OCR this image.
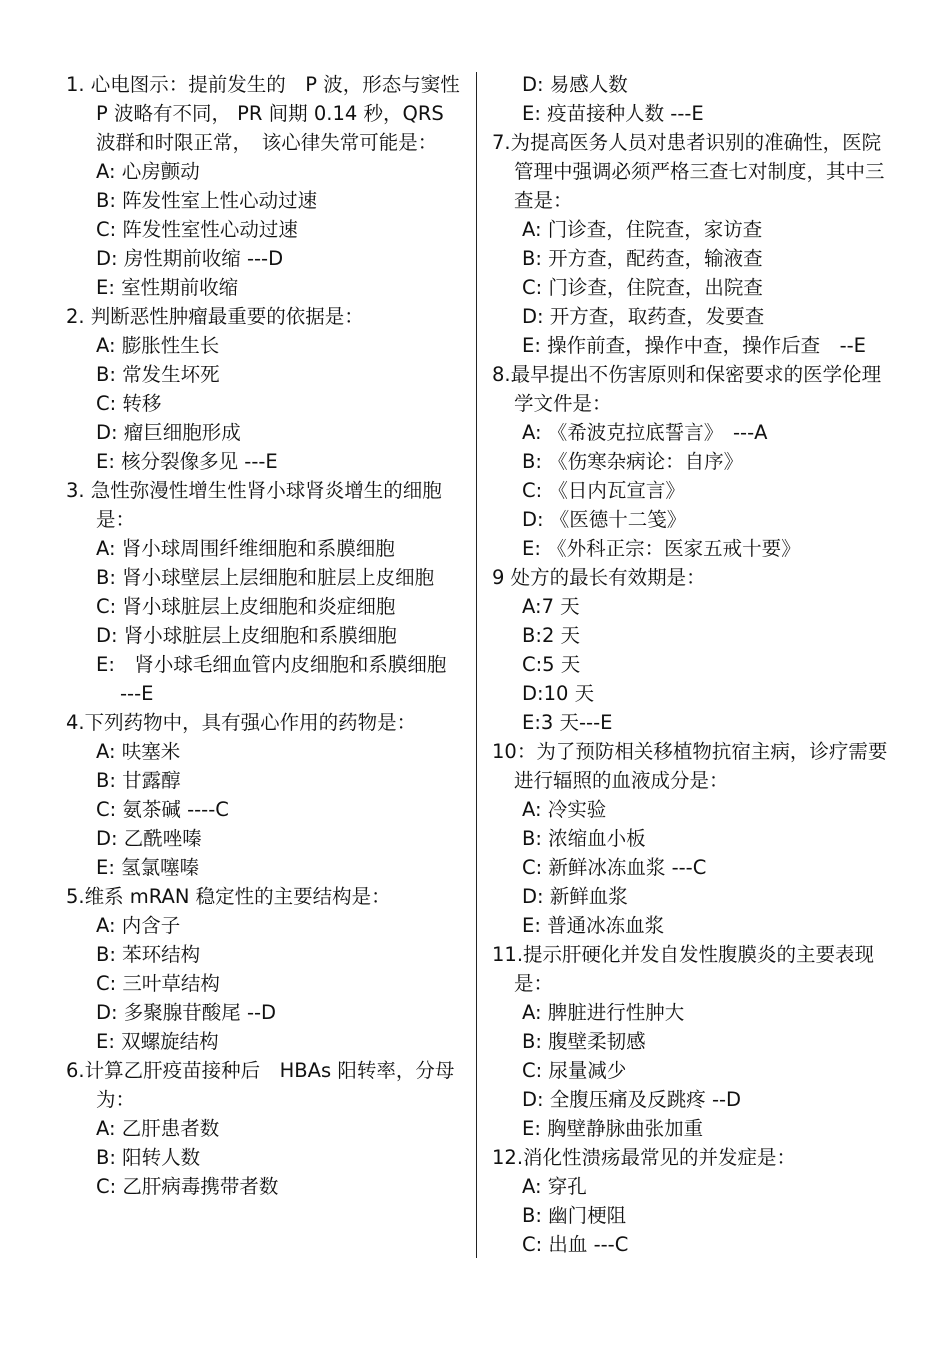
1. 心电图示：提前发生的　P 波，形态与窦性 P 波略有不同， PR 间期 0.14 秒，QRS 波群和时限正常，　该心律失常可能是：
A: 心房颤动
B: 阵发性室上性心动过速
C: 阵发性室性心动过速
D: 房性期前收缩 ---D
E: 室性期前收缩
2. 判断恶性肿瘤最重要的依据是：
A: 膨胀性生长
B: 常发生坏死
C: 转移
D: 瘤巨细胞形成
E: 核分裂像多见 ---E
3. 急性弥漫性增生性肾小球肾炎增生的细胞是：
A: 肾小球周围纤维细胞和系膜细胞
B: 肾小球壁层上层细胞和脏层上皮细胞
C: 肾小球脏层上皮细胞和炎症细胞
D: 肾小球脏层上皮细胞和系膜细胞
E:　肾小球毛细血管内皮细胞和系膜细胞　---E
4.下列药物中，具有强心作用的药物是：
A: 呋塞米
B: 甘露醇
C: 氨茶碱 ----C
D: 乙酰唑嗪
E: 氢氯噻嗪
5.维系 mRAN 稳定性的主要结构是：
A: 内含子
B: 苯环结构
C: 三叶草结构
D: 多聚腺苷酸尾 --D
E: 双螺旋结构
6.计算乙肝疫苗接种后　HBAs 阳转率，分母为：
A: 乙肝患者数
B: 阳转人数
C: 乙肝病毒携带者数
D: 易感人数
E: 疫苗接种人数 ---E
7.为提高医务人员对患者识别的准确性，医院管理中强调必须严格三查七对制度，其中三查是：
A: 门诊查，住院查，家访查
B: 开方查，配药查，输液查
C: 门诊查，住院查，出院查
D: 开方查，取药查，发要查
E: 操作前查，操作中查，操作后查　--E
8.最早提出不伤害原则和保密要求的医学伦理学文件是：
A: 《希波克拉底誓言》　---A
B: 《伤寒杂病论：自序》
C: 《日内瓦宣言》
D: 《医德十二笺》
E: 《外科正宗：医家五戒十要》
9 处方的最长有效期是：
A:7 天
B:2 天
C:5 天
D:10 天
E:3 天---E
10：为了预防相关移植物抗宿主病，诊疗需要进行辐照的血液成分是：
A: 冷实验
B: 浓缩血小板
C: 新鲜冰冻血浆 ---C
D: 新鲜血浆
E: 普通冰冻血浆
11.提示肝硬化并发自发性腹膜炎的主要表现是：
A: 脾脏进行性肿大
B: 腹壁柔韧感
C: 尿量减少
D: 全腹压痛及反跳疼 --D
E: 胸壁静脉曲张加重
12.消化性溃疡最常见的并发症是：
A: 穿孔
B: 幽门梗阻
C: 出血 ---C
